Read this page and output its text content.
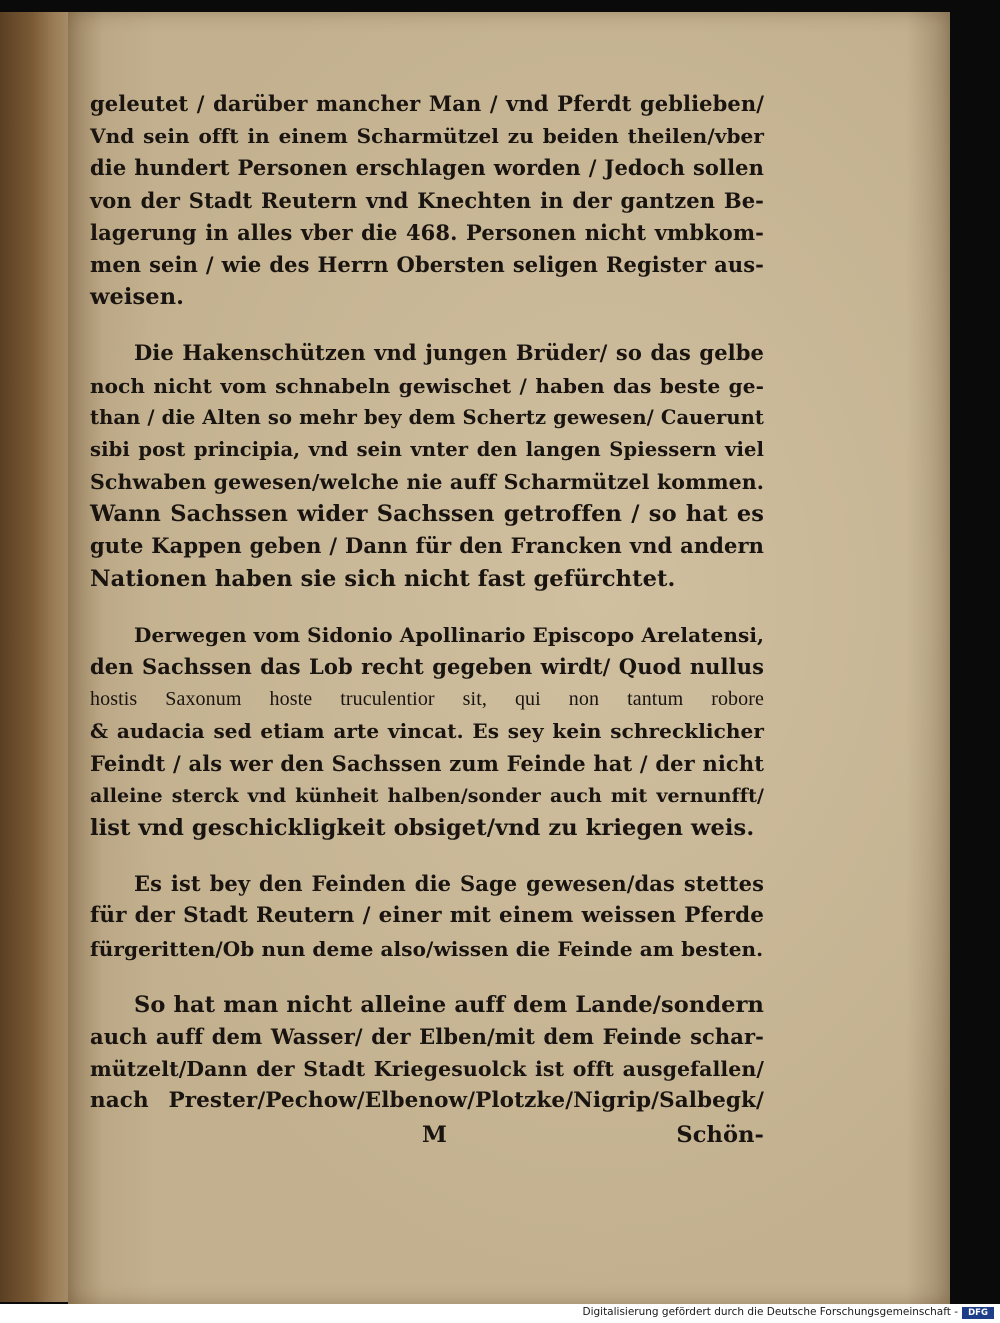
geleutet / darüber mancher Man / vnd Pferdt geblieben/
Vnd sein offt in einem Scharmützel zu beiden theilen/vber
die hundert Personen erschlagen worden / Jedoch sollen
von der Stadt Reutern vnd Knechten in der gantzen Be-
lagerung in alles vber die 468. Personen nicht vmbkom-
men sein / wie des Herrn Obersten seligen Register aus-
weisen.
Die Hakenschützen vnd jungen Brüder/ so das gelbe
noch nicht vom schnabeln gewischet / haben das beste ge-
than / die Alten so mehr bey dem Schertz gewesen/ Cauerunt
sibi post principia, vnd sein vnter den langen Spiessern viel
Schwaben gewesen/welche nie auff Scharmützel kommen.
Wann Sachssen wider Sachssen getroffen / so hat es
gute Kappen geben / Dann für den Francken vnd andern
Nationen haben sie sich nicht fast gefürchtet.
Derwegen vom Sidonio Apollinario Episcopo Arelatensi,
den Sachssen das Lob recht gegeben wirdt/ Quod nullus
hostis Saxonum hoste truculentior sit, qui non tantum robore
& audacia sed etiam arte vincat. Es sey kein schrecklicher
Feindt / als wer den Sachssen zum Feinde hat / der nicht
alleine sterck vnd künheit halben/sonder auch mit vernunfft/
list vnd geschickligkeit obsiget/vnd zu kriegen weis.
Es ist bey den Feinden die Sage gewesen/das stettes
für der Stadt Reutern / einer mit einem weissen Pferde
fürgeritten/Ob nun deme also/wissen die Feinde am besten.
So hat man nicht alleine auff dem Lande/sondern
auch auff dem Wasser/ der Elben/mit dem Feinde schar-
mützelt/Dann der Stadt Kriegesuolck ist offt ausgefallen/
nach Prester/Pechow/Elbenow/Plotzke/Nigrip/Salbegk/
M	Schön-
Digitalisierung gefördert durch die Deutsche Forschungsgemeinschaft -	DFG
